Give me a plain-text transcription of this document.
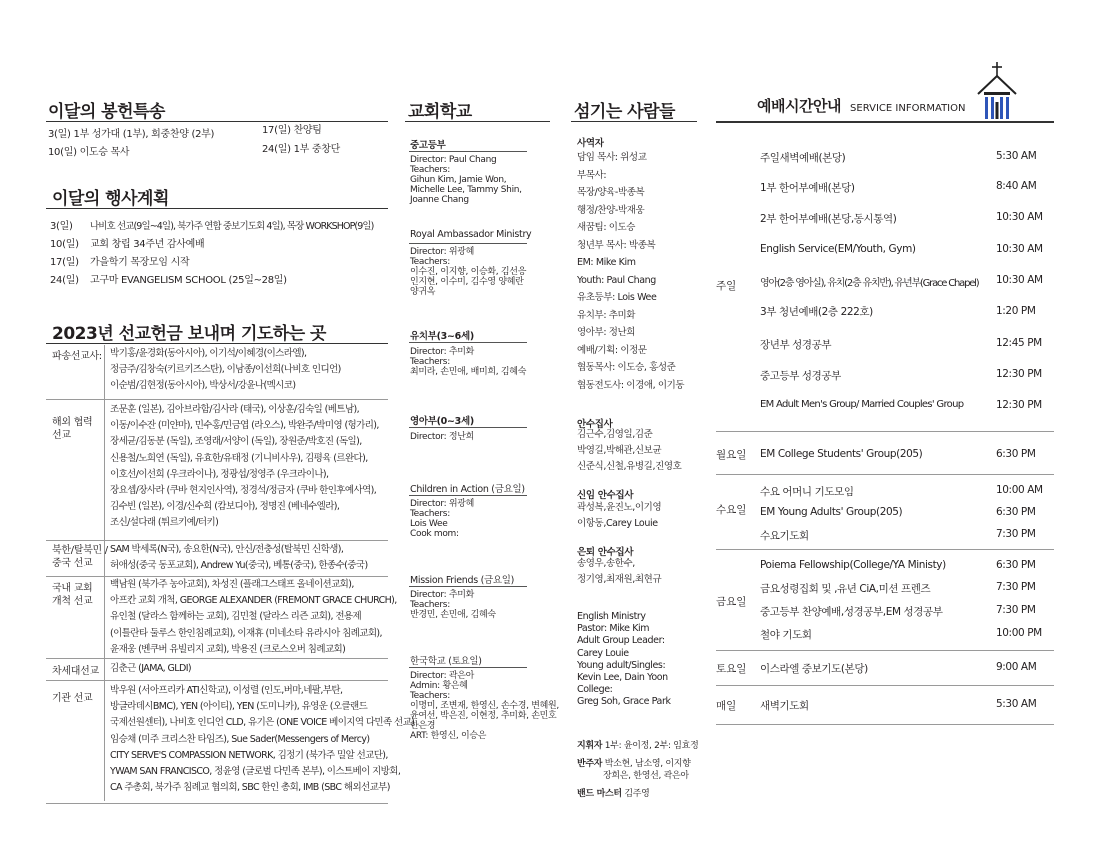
이달의 봉헌특송
3(일) 1부 성가대 (1부), 회중찬양 (2부)
10(일) 이도승 목사
17(일) 찬양팀
24(일) 1부 중창단
이달의 행사계획
3(일) 나비호 선교(9일~4일), 북가주 연합 중보기도회 4일), 목장 WORKSHOP(9일)
10(일) 교회 창립 34주년 감사예배
17(일) 가을학기 목장모임 시작
24(일) 고구마 EVANGELISM SCHOOL (25일~28일)
2023년 선교헌금 보내며 기도하는 곳
파송선교사: 박기홍/윤경화(동아시아), 이기석/이혜경(이스라엘),
정금주/김창숙(키르키즈스탄), 이남종/이선희(나비호 인디언)
이순범/김현정(동아시아), 박상서/강윤나(멕시코)
해외 협력 선교
조문훈 (일본), 김아브라함/김사라 (태국), 이상훈/김숙일 (베트남),
이동/이수잔 (미얀마), 민수홍/민금엽 (라오스), 박완주/박미영 (헝가리),
장세균/김동분 (독일), 조영래/서양이 (독일), 장원준/박호진 (독일),
신용철/노희연 (독일), 유효한/유태정 (기니비사우), 김평육 (르완다),
이호선/이선희 (우크라이나), 정광섭/정영주 (우크라이나),
장요셉/장사라 (쿠바 현지인사역), 정경석/정금자 (쿠바 한인후예사역),
김수빈 (일본), 이경/신수희 (캄보디아), 정명진 (베네수엘라),
조신/설다래 (튀르키예/터키)
북한/탈북민 /중국 선교
SAM 박세록(N국), 송요한(N국), 안신/전충성(탈북민 신학생),
허애성(중국 동포교회), Andrew Yu(중국), 베통(중국), 한종수(중국)
국내 교회 개척 선교
백남원 (북가주 농아교회), 차성진 (플래그스태프 올네이션교회),
아프칸 교회 개척, GEORGE ALEXANDER (FREMONT GRACE CHURCH),
유인철 (달라스 함께하는 교회), 김민철 (달라스 리즌 교회), 전용제
(이틀란타 둘루스 한인침례교회), 이재휴 (미네소타 유라시아 침례교회),
윤재웅 (벤쿠버 유빌리지 교회), 박용진 (크로스오버 침례교회)
차세대선교 김춘근 (JAMA, GLDI)
기관 선교
박우원 (서아프리카 ATI신학교), 이성렬 (인도,버마,네팔,부탄,
방글라데시BMC), YEN (아이티), YEN (도미니카), 유영운 (오클랜드
국제선원센터), 나비호 인디언 CLD, 유기은 (ONE VOICE 베이지역 다민족 선교)
임승채 (미주 크리스찬 타임즈), Sue Sader(Messengers of Mercy)
CITY SERVE'S COMPASSION NETWORK, 김정기 (북가주 밀알 선교단),
YWAM SAN FRANCISCO, 정윤영 (글로벌 다민족 본부), 이스트베이 지방회,
CA 주총회, 북가주 침례교 협의회, SBC 한인 총회, IMB (SBC 해외선교부)
교회학교
중고등부
Director: Paul Chang
Teachers:
Gihun Kim, Jamie Won,
Michelle Lee, Tammy Shin,
Joanne Chang
Royal Ambassador Ministry
Director: 위광혜
Teachers:
이수진, 이지향, 이승화, 김선응
인지현, 이수미, 김수영 양혜란
양귀옥
유치부(3~6세)
Director: 추미화
Teachers:
최미라, 손민애, 배미희, 김혜숙
영아부(0~3세)
Director: 정난희
Children in Action (금요일)
Director: 위광혜
Teachers:
Lois Wee
Cook mom:
Mission Friends (금요일)
Director: 추미화
Teachers:
반경민, 손민애, 김혜숙
한국학교 (토요일)
Director: 곽은아
Admin: 황은혜
Teachers:
이명미, 조변재, 한영신, 손수경, 변혜원,
윤여선, 박은진, 이현정, 추미화, 손민호
한은경
ART: 한영신, 이승은
섬기는 사람들
사역자
담임 목사: 위성교
부목사:
목장/양육-박종복
행정/찬양-박재웅
새꿈팀: 이도승
청년부 목사: 박종복
EM: Mike Kim
Youth: Paul Chang
유초등부: Lois Wee
유치부: 추미화
영아부: 정난희
예배/기획: 이정문
협동목사: 이도승, 홍성준
협동전도사: 이경애, 이기동
안수집사
김근수,김영일,김준
박영길,박해관,신보균
신준식,신철,유병길,진영호
신임 안수집사
곽성복,윤진노,이기영
이항동,Carey Louie
은퇴 안수집사
송영우,송한수,
정기영,최재원,최현규
English Ministry
Pastor: Mike Kim
Adult Group Leader:
Carey Louie
Young adult/Singles:
Kevin Lee, Dain Yoon
College:
Greg Soh, Grace Park
지휘자 1부: 윤이정, 2부: 임효정
반주자 박소현, 남소영, 이지향
장희은, 한영선, 곽은아
밴드 마스터 김주영
예배시간안내 SERVICE INFORMATION
주일
주일새벽예배(본당)	5:30 AM
1부 한어부예배(본당)	8:40 AM
2부 한어부예배(본당,동시통역)	10:30 AM
English Service(EM/Youth, Gym)	10:30 AM
영아(2층 영아실), 유치(2층 유치반), 유년부(Grace Chapel) 10:30 AM
3부 청년예배(2층 222호)	1:20 PM
장년부 성경공부	12:45 PM
중고등부 성경공부	12:30 PM
EM Adult Men's Group/ Married Couples' Group	12:30 PM
월요일 EM College Students' Group(205)	6:30 PM
수요일
수요 어머니 기도모임	10:00 AM
EM Young Adults' Group(205)	6:30 PM
수요기도회	7:30 PM
금요일
Poiema Fellowship(College/YA Ministy)	6:30 PM
금요성령집회 및 ,유년 CiA,미션 프렌즈	7:30 PM
중고등부 찬양예배,성경공부,EM 성경공부	7:30 PM
철야 기도회	10:00 PM
토요일 이스라엘 중보기도(본당)	9:00 AM
매일 새벽기도회	5:30 AM
